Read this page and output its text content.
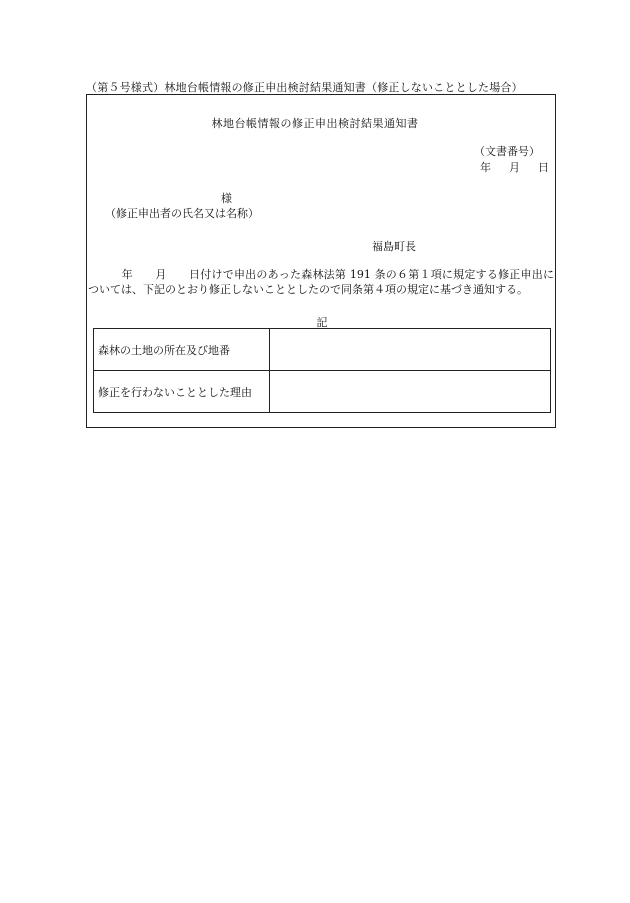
（第５号様式）林地台帳情報の修正申出検討結果通知書（修正しないこととした場合）
林地台帳情報の修正申出検討結果通知書
（文書番号）
年 月 日
様
（修正申出者の氏名又は名称）
福島町長
　　　年　　月　　日付けで申出のあった森林法第 191 条の６第１項に規定する修正申出については、下記のとおり修正しないこととしたので同条第４項の規定に基づき通知する。
記
森林の土地の所在及び地番	
修正を行わないこととした理由	
